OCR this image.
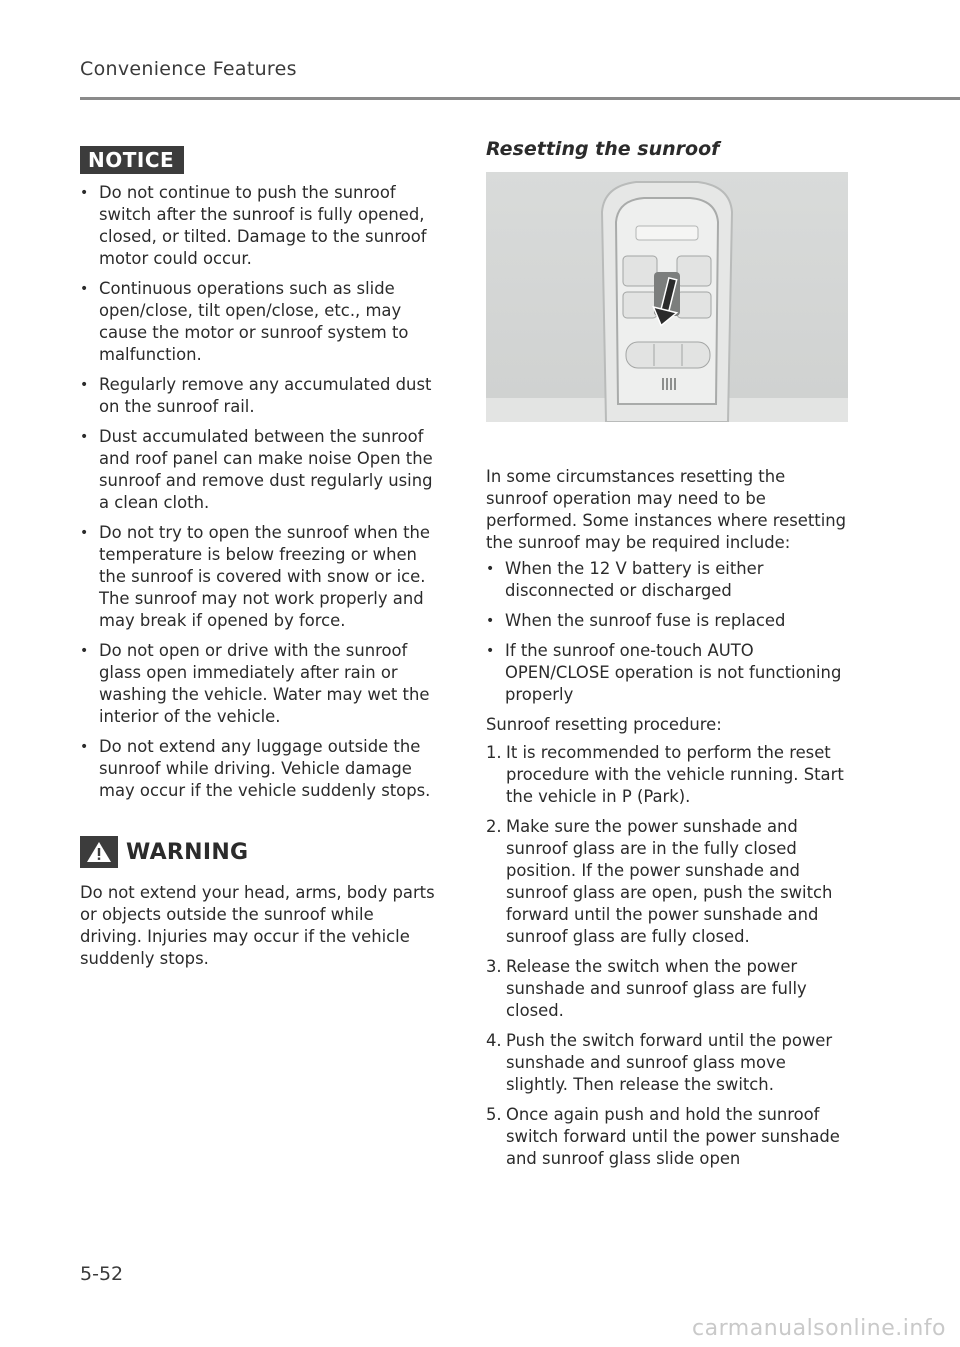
Convenience Features
NOTICE
• Do not continue to push the sunroof switch after the sunroof is fully opened, closed, or tilted. Damage to the sunroof motor could occur.
• Continuous operations such as slide open/close, tilt open/close, etc., may cause the motor or sunroof system to malfunction.
• Regularly remove any accumulated dust on the sunroof rail.
• Dust accumulated between the sunroof and roof panel can make noise Open the sunroof and remove dust regularly using a clean cloth.
• Do not try to open the sunroof when the temperature is below freezing or when the sunroof is covered with snow or ice. The sunroof may not work properly and may break if opened by force.
• Do not open or drive with the sunroof glass open immediately after rain or washing the vehicle. Water may wet the interior of the vehicle.
• Do not extend any luggage outside the sunroof while driving. Vehicle damage may occur if the vehicle suddenly stops.
WARNING
Do not extend your head, arms, body parts or objects outside the sunroof while driving. Injuries may occur if the vehicle suddenly stops.
Resetting the sunroof
In some circumstances resetting the sunroof operation may need to be performed. Some instances where resetting the sunroof may be required include:
• When the 12 V battery is either disconnected or discharged
• When the sunroof fuse is replaced
• If the sunroof one-touch AUTO OPEN/CLOSE operation is not functioning properly
Sunroof resetting procedure:
1. It is recommended to perform the reset procedure with the vehicle running. Start the vehicle in P (Park).
2. Make sure the power sunshade and sunroof glass are in the fully closed position. If the power sunshade and sunroof glass are open, push the switch forward until the power sunshade and sunroof glass are fully closed.
3. Release the switch when the power sunshade and sunroof glass are fully closed.
4. Push the switch forward until the power sunshade and sunroof glass move slightly. Then release the switch.
5. Once again push and hold the sunroof switch forward until the power sunshade and sunroof glass slide open
5-52
carmanualsonline.info
